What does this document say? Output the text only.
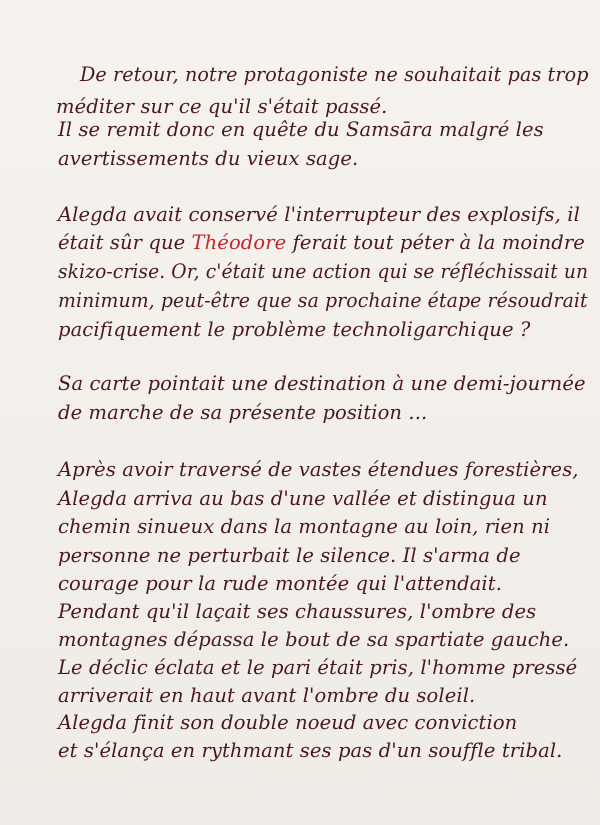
De retour, notre protagoniste ne souhaitait pas trop
méditer sur ce qu'il s'était passé.
Il se remit donc en quête du Samsāra malgré les
avertissements du vieux sage.
Alegda avait conservé l'interrupteur des explosifs, il
était sûr que Théodore ferait tout péter à la moindre
skizo-crise. Or, c'était une action qui se réfléchissait un
minimum, peut-être que sa prochaine étape résoudrait
pacifiquement le problème technoligarchique ?
Sa carte pointait une destination à une demi-journée
de marche de sa présente position ...
Après avoir traversé de vastes étendues forestières,
Alegda arriva au bas d'une vallée et distingua un
chemin sinueux dans la montagne au loin, rien ni
personne ne perturbait le silence. Il s'arma de
courage pour la rude montée qui l'attendait.
Pendant qu'il laçait ses chaussures, l'ombre des
montagnes dépassa le bout de sa spartiate gauche.
Le déclic éclata et le pari était pris, l'homme pressé
arriverait en haut avant l'ombre du soleil.
Alegda finit son double noeud avec conviction
et s'élança en rythmant ses pas d'un souffle tribal.
